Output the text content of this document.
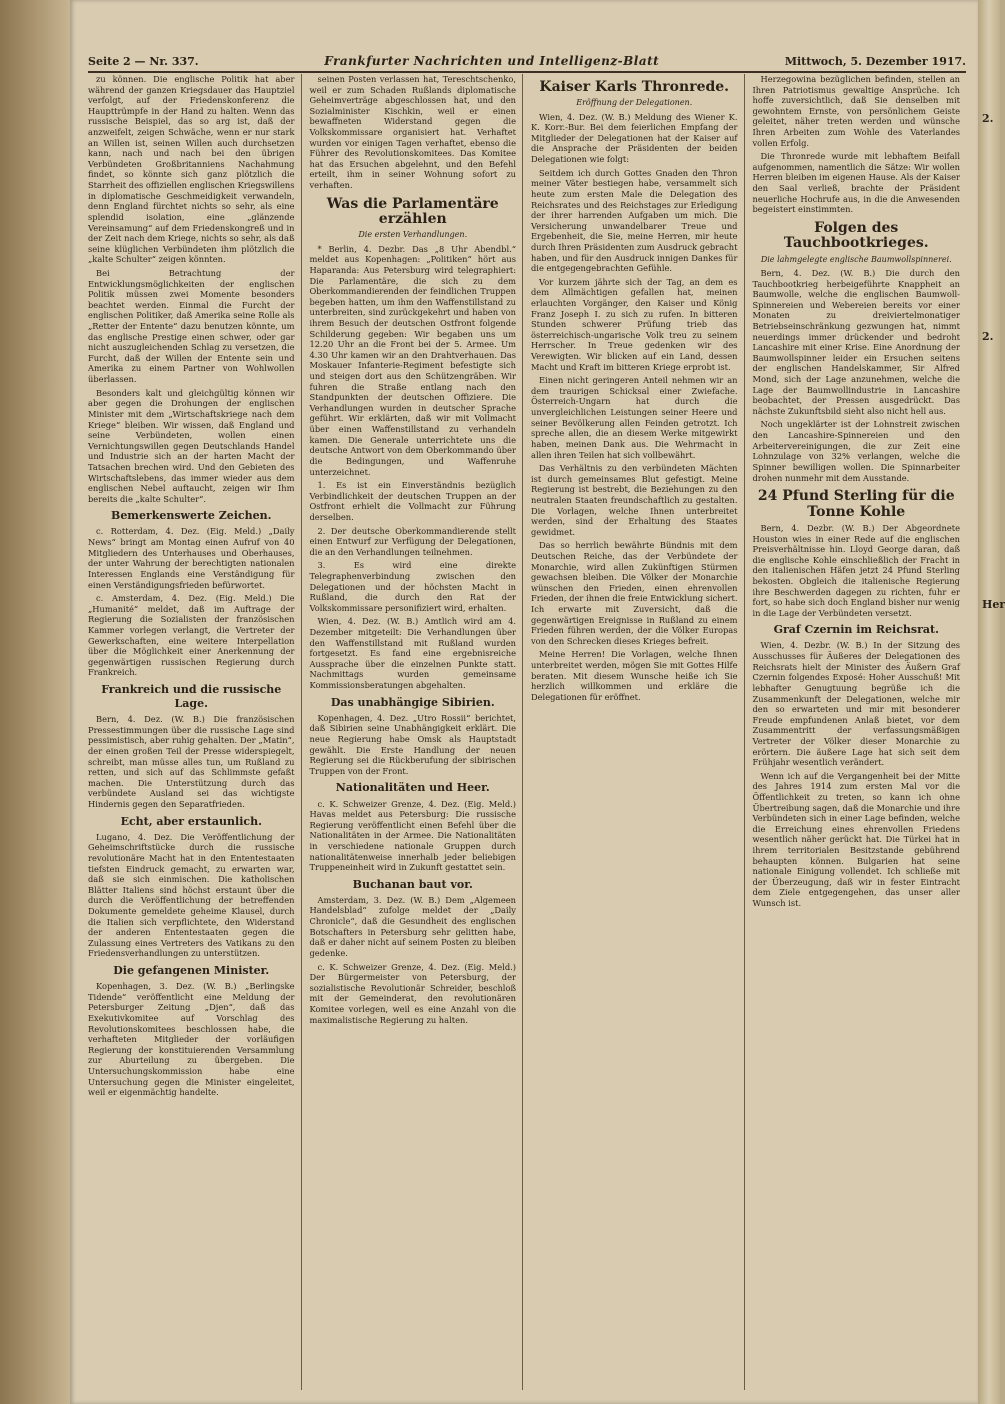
Seite 2 — Nr. 337.	Frankfurter Nachrichten und Intelligenz-Blatt	Mittwoch, 5. Dezember 1917.

zu können. Die englische Politik hat aber während der ganzen Kriegsdauer das Hauptziel verfolgt, auf der Friedenskonferenz die Haupttrümpfe in der Hand zu halten. Wenn das russische Beispiel, das so arg ist, daß der anzweifelt, zeigen Schwäche, wenn er nur stark an Willen ist, seinen Willen auch durchsetzen kann, nach und nach bei den übrigen Verbündeten Großbritanniens Nachahmung findet, so könnte sich ganz plötzlich die Starrheit des offiziellen englischen Kriegswillens in diplomatische Geschmeidigkeit verwandeln, denn England fürchtet nichts so sehr, als eine splendid isolation, eine „glänzende Vereinsamung“ auf dem Friedenskongreß und in der Zeit nach dem Kriege, nichts so sehr, als daß seine klüglichen Verbündeten ihm plötzlich die „kalte Schulter“ zeigen könnten.

Bei Betrachtung der Entwicklungsmöglichkeiten der englischen Politik müssen zwei Momente besonders beachtet werden. Einmal die Furcht der englischen Politiker, daß Amerika seine Rolle als „Retter der Entente“ dazu benutzen könnte, um das englische Prestige einen schwer, oder gar nicht auszugleichenden Schlag zu versetzen, die Furcht, daß der Willen der Entente sein und Amerika zu einem Partner von Wohlwollen überlassen.

Besonders kalt und gleichgültig können wir aber gegen die Drohungen der englischen Minister mit dem „Wirtschaftskriege nach dem Kriege“ bleiben. Wir wissen, daß England und seine Verbündeten, wollen einen Vernichtungswillen gegen Deutschlands Handel und Industrie sich an der harten Macht der Tatsachen brechen wird. Und den Gebieten des Wirtschaftslebens, das immer wieder aus dem englischen Nebel auftaucht, zeigen wir Ihm bereits die „kalte Schulter“.

Bemerkenswerte Zeichen.

c. Rotterdam, 4. Dez. (Eig. Meld.) „Daily News“ bringt am Montag einen Aufruf von 40 Mitgliedern des Unterhauses und Oberhauses, der unter Wahrung der berechtigten nationalen Interessen Englands eine Verständigung für einen Verständigungsfrieden befürwortet.

c. Amsterdam, 4. Dez. (Eig. Meld.) Die „Humanité“ meldet, daß im Auftrage der Regierung die Sozialisten der französischen Kammer vorlegen verlangt, die Vertreter der Gewerkschaften, eine weitere Interpellation über die Möglichkeit einer Anerkennung der gegenwärtigen russischen Regierung durch Frankreich.

Frankreich und die russische Lage.

Bern, 4. Dez. (W. B.) Die französischen Pressestimmungen über die russische Lage sind pessimistisch, aber ruhig gehalten. Der „Matin“, der einen großen Teil der Presse widerspiegelt, schreibt, man müsse alles tun, um Rußland zu retten, und sich auf das Schlimmste gefaßt machen. Die Unterstützung durch das verbündete Ausland sei das wichtigste Hindernis gegen den Separatfrieden.

Echt, aber erstaunlich.

Lugano, 4. Dez. Die Veröffentlichung der Geheimschriftstücke durch die russische revolutionäre Macht hat in den Ententestaaten tiefsten Eindruck gemacht, zu erwarten war, daß sie sich einmischen. Die katholischen Blätter Italiens sind höchst erstaunt über die durch die Veröffentlichung der betreffenden Dokumente gemeldete geheime Klausel, durch die Italien sich verpflichtete, den Widerstand der anderen Ententestaaten gegen die Zulassung eines Vertreters des Vatikans zu den Friedensverhandlungen zu unterstützen.

Die gefangenen Minister.

Kopenhagen, 3. Dez. (W. B.) „Berlingske Tidende“ veröffentlicht eine Meldung der Petersburger Zeitung „Djen“, daß das Exekutivkomitee auf Vorschlag des Revolutionskomitees beschlossen habe, die verhafteten Mitglieder der vorläufigen Regierung der konstituierenden Versammlung zur Aburteilung zu übergeben. Die Untersuchungskommission habe eine Untersuchung gegen die Minister eingeleitet, weil er eigenmächtig handelte.

seinen Posten verlassen hat, Tereschtschenko, weil er zum Schaden Rußlands diplomatische Geheimverträge abgeschlossen hat, und den Sozialminister Kischkin, weil er einen bewaffneten Widerstand gegen die Volkskommissare organisiert hat. Verhaftet wurden vor einigen Tagen verhaftet, ebenso die Führer des Revolutionskomitees. Das Komitee hat das Ersuchen abgelehnt, und den Befehl erteilt, ihm in seiner Wohnung sofort zu verhaften.

Was die Parlamentäre erzählen
Die ersten Verhandlungen.

* Berlin, 4. Dezbr. Das „8 Uhr Abendbl.“ meldet aus Kopenhagen: „Politiken“ hört aus Haparanda: Aus Petersburg wird telegraphiert: Die Parlamentäre, die sich zu dem Oberkommandierenden der feindlichen Truppen begeben hatten, um ihm den Waffenstillstand zu unterbreiten, sind zurückgekehrt und haben von ihrem Besuch der deutschen Ostfront folgende Schilderung gegeben: Wir begaben uns um 12.20 Uhr an die Front bei der 5. Armee. Um 4.30 Uhr kamen wir an den Drahtverhauen. Das Moskauer Infanterie-Regiment befestigte sich und steigen dort aus den Schützengräben. Wir fuhren die Straße entlang nach den Standpunkten der deutschen Offiziere. Die Verhandlungen wurden in deutscher Sprache geführt. Wir erklärten, daß wir mit Vollmacht über einen Waffenstillstand zu verhandeln kamen. Die Generale unterrichtete uns die deutsche Antwort von dem Oberkommando über die Bedingungen, und Waffenruhe unterzeichnet.

1. Es ist ein Einverständnis bezüglich Verbindlichkeit der deutschen Truppen an der Ostfront erhielt die Vollmacht zur Führung derselben.

2. Der deutsche Oberkommandierende stellt einen Entwurf zur Verfügung der Delegationen, die an den Verhandlungen teilnehmen.

3. Es wird eine direkte Telegraphenverbindung zwischen den Delegationen und der höchsten Macht in Rußland, die durch den Rat der Volkskommissare personifiziert wird, erhalten.

Wien, 4. Dez. (W. B.) Amtlich wird am 4. Dezember mitgeteilt: Die Verhandlungen über den Waffenstillstand mit Rußland wurden fortgesetzt. Es fand eine ergebnisreiche Aussprache über die einzelnen Punkte statt. Nachmittags wurden gemeinsame Kommissionsberatungen abgehalten.

Das unabhängige Sibirien.

Kopenhagen, 4. Dez. „Utro Rossii“ berichtet, daß Sibirien seine Unabhängigkeit erklärt. Die neue Regierung habe Omsk als Hauptstadt gewählt. Die Erste Handlung der neuen Regierung sei die Rückberufung der sibirischen Truppen von der Front.

Nationalitäten und Heer.

c. K. Schweizer Grenze, 4. Dez. (Eig. Meld.) Havas meldet aus Petersburg: Die russische Regierung veröffentlicht einen Befehl über die Nationalitäten in der Armee. Die Nationalitäten in verschiedene nationale Gruppen durch nationalitätenweise innerhalb jeder beliebigen Truppeneinheit wird in Zukunft gestattet sein.

Buchanan baut vor.

Amsterdam, 3. Dez. (W. B.) Dem „Algemeen Handelsblad“ zufolge meldet der „Daily Chronicle“, daß die Gesundheit des englischen Botschafters in Petersburg sehr gelitten habe, daß er daher nicht auf seinem Posten zu bleiben gedenke.

c. K. Schweizer Grenze, 4. Dez. (Eig. Meld.) Der Bürgermeister von Petersburg, der sozialistische Revolutionär Schreider, beschloß mit der Gemeinderat, den revolutionären Komitee vorlegen, weil es eine Anzahl von die maximalistische Regierung zu halten.

Kaiser Karls Thronrede.
Eröffnung der Delegationen.

Wien, 4. Dez. (W. B.) Meldung des Wiener K. K. Korr.-Bur. Bei dem feierlichen Empfang der Mitglieder der Delegationen hat der Kaiser auf die Ansprache der Präsidenten der beiden Delegationen wie folgt:

Seitdem ich durch Gottes Gnaden den Thron meiner Väter bestiegen habe, versammelt sich heute zum ersten Male die Delegation des Reichsrates und des Reichstages zur Erledigung der ihrer harrenden Aufgaben um mich. Die Versicherung unwandelbarer Treue und Ergebenheit, die Sie, meine Herren, mir heute durch Ihren Präsidenten zum Ausdruck gebracht haben, und für den Ausdruck innigen Dankes für die entgegengebrachten Gefühle.

Vor kurzem jährte sich der Tag, an dem es dem Allmächtigen gefallen hat, meinen erlauchten Vorgänger, den Kaiser und König Franz Joseph I. zu sich zu rufen. In bitteren Stunden schwerer Prüfung trieb das österreichisch-ungarische Volk treu zu seinem Herrscher. In Treue gedenken wir des Verewigten. Wir blicken auf ein Land, dessen Macht und Kraft im bitteren Kriege erprobt ist.

Einen nicht geringeren Anteil nehmen wir an dem traurigen Schicksal einer Zwiefache. Österreich-Ungarn hat durch die unvergleichlichen Leistungen seiner Heere und seiner Bevölkerung allen Feinden getrotzt. Ich spreche allen, die an diesem Werke mitgewirkt haben, meinen Dank aus. Die Wehrmacht in allen ihren Teilen hat sich vollbewährt.

Das Verhältnis zu den verbündeten Mächten ist durch gemeinsames Blut gefestigt. Meine Regierung ist bestrebt, die Beziehungen zu den neutralen Staaten freundschaftlich zu gestalten. Die Vorlagen, welche Ihnen unterbreitet werden, sind der Erhaltung des Staates gewidmet.

Das so herrlich bewährte Bündnis mit dem Deutschen Reiche, das der Verbündete der Monarchie, wird allen Zukünftigen Stürmen gewachsen bleiben. Die Völker der Monarchie wünschen den Frieden, einen ehrenvollen Frieden, der ihnen die freie Entwicklung sichert. Ich erwarte mit Zuversicht, daß die gegenwärtigen Ereignisse in Rußland zu einem Frieden führen werden, der die Völker Europas von den Schrecken dieses Krieges befreit.

Meine Herren! Die Vorlagen, welche Ihnen unterbreitet werden, mögen Sie mit Gottes Hilfe beraten. Mit diesem Wunsche heiße ich Sie herzlich willkommen und erkläre die Delegationen für eröffnet.

Herzegowina bezüglichen befinden, stellen an Ihren Patriotismus gewaltige Ansprüche. Ich hoffe zuversichtlich, daß Sie denselben mit gewohntem Ernste, von persönlichem Geiste geleitet, näher treten werden und wünsche Ihren Arbeiten zum Wohle des Vaterlandes vollen Erfolg.

Die Thronrede wurde mit lebhaftem Beifall aufgenommen, namentlich die Sätze: Wir wollen Herren bleiben im eigenen Hause. Als der Kaiser den Saal verließ, brachte der Präsident neuerliche Hochrufe aus, in die die Anwesenden begeistert einstimmten.

Folgen des Tauchbootkrieges.
Die lahmgelegte englische Baumwollspinnerei.

Bern, 4. Dez. (W. B.) Die durch den Tauchbootkrieg herbeigeführte Knappheit an Baumwolle, welche die englischen Baumwoll-Spinnereien und Webereien bereits vor einer Monaten zu dreiviertelmonatiger Betriebseinschränkung gezwungen hat, nimmt neuerdings immer drückender und bedroht Lancashire mit einer Krise. Eine Anordnung der Baumwollspinner leider ein Ersuchen seitens der englischen Handelskammer, Sir Alfred Mond, sich der Lage anzunehmen, welche die Lage der Baumwollindustrie in Lancashire beobachtet, der Pressen ausgedrückt. Das nächste Zukunftsbild sieht also nicht hell aus.

Noch ungeklärter ist der Lohnstreit zwischen den Lancashire-Spinnereien und den Arbeitervereinigungen, die zur Zeit eine Lohnzulage von 32% verlangen, welche die Spinner bewilligen wollen. Die Spinnarbeiter drohen nunmehr mit dem Ausstande.

24 Pfund Sterling für die Tonne Kohle

Bern, 4. Dezbr. (W. B.) Der Abgeordnete Houston wies in einer Rede auf die englischen Preisverhältnisse hin. Lloyd George daran, daß die englische Kohle einschließlich der Fracht in den italienischen Häfen jetzt 24 Pfund Sterling bekosten. Obgleich die italienische Regierung ihre Beschwerden dagegen zu richten, fuhr er fort, so habe sich doch England bisher nur wenig in die Lage der Verbündeten versetzt.

Graf Czernin im Reichsrat.

Wien, 4. Dezbr. (W. B.) In der Sitzung des Ausschusses für Äußeres der Delegationen des Reichsrats hielt der Minister des Äußern Graf Czernin folgendes Exposé: Hoher Ausschuß! Mit lebhafter Genugtuung begrüße ich die Zusammenkunft der Delegationen, welche mir den so erwarteten und mir mit besonderer Freude empfundenen Anlaß bietet, vor dem Zusammentritt der verfassungsmäßigen Vertreter der Völker dieser Monarchie zu erörtern. Die äußere Lage hat sich seit dem Frühjahr wesentlich verändert.

Wenn ich auf die Vergangenheit bei der Mitte des Jahres 1914 zum ersten Mal vor die Öffentlichkeit zu treten, so kann ich ohne Übertreibung sagen, daß die Monarchie und ihre Verbündeten sich in einer Lage befinden, welche die Erreichung eines ehrenvollen Friedens wesentlich näher gerückt hat. Die Türkei hat in ihrem territorialen Besitzstande gebührend behaupten können. Bulgarien hat seine nationale Einigung vollendet. Ich schließe mit der Überzeugung, daß wir in fester Eintracht dem Ziele entgegengehen, das unser aller Wunsch ist.

2.
2.
Her
